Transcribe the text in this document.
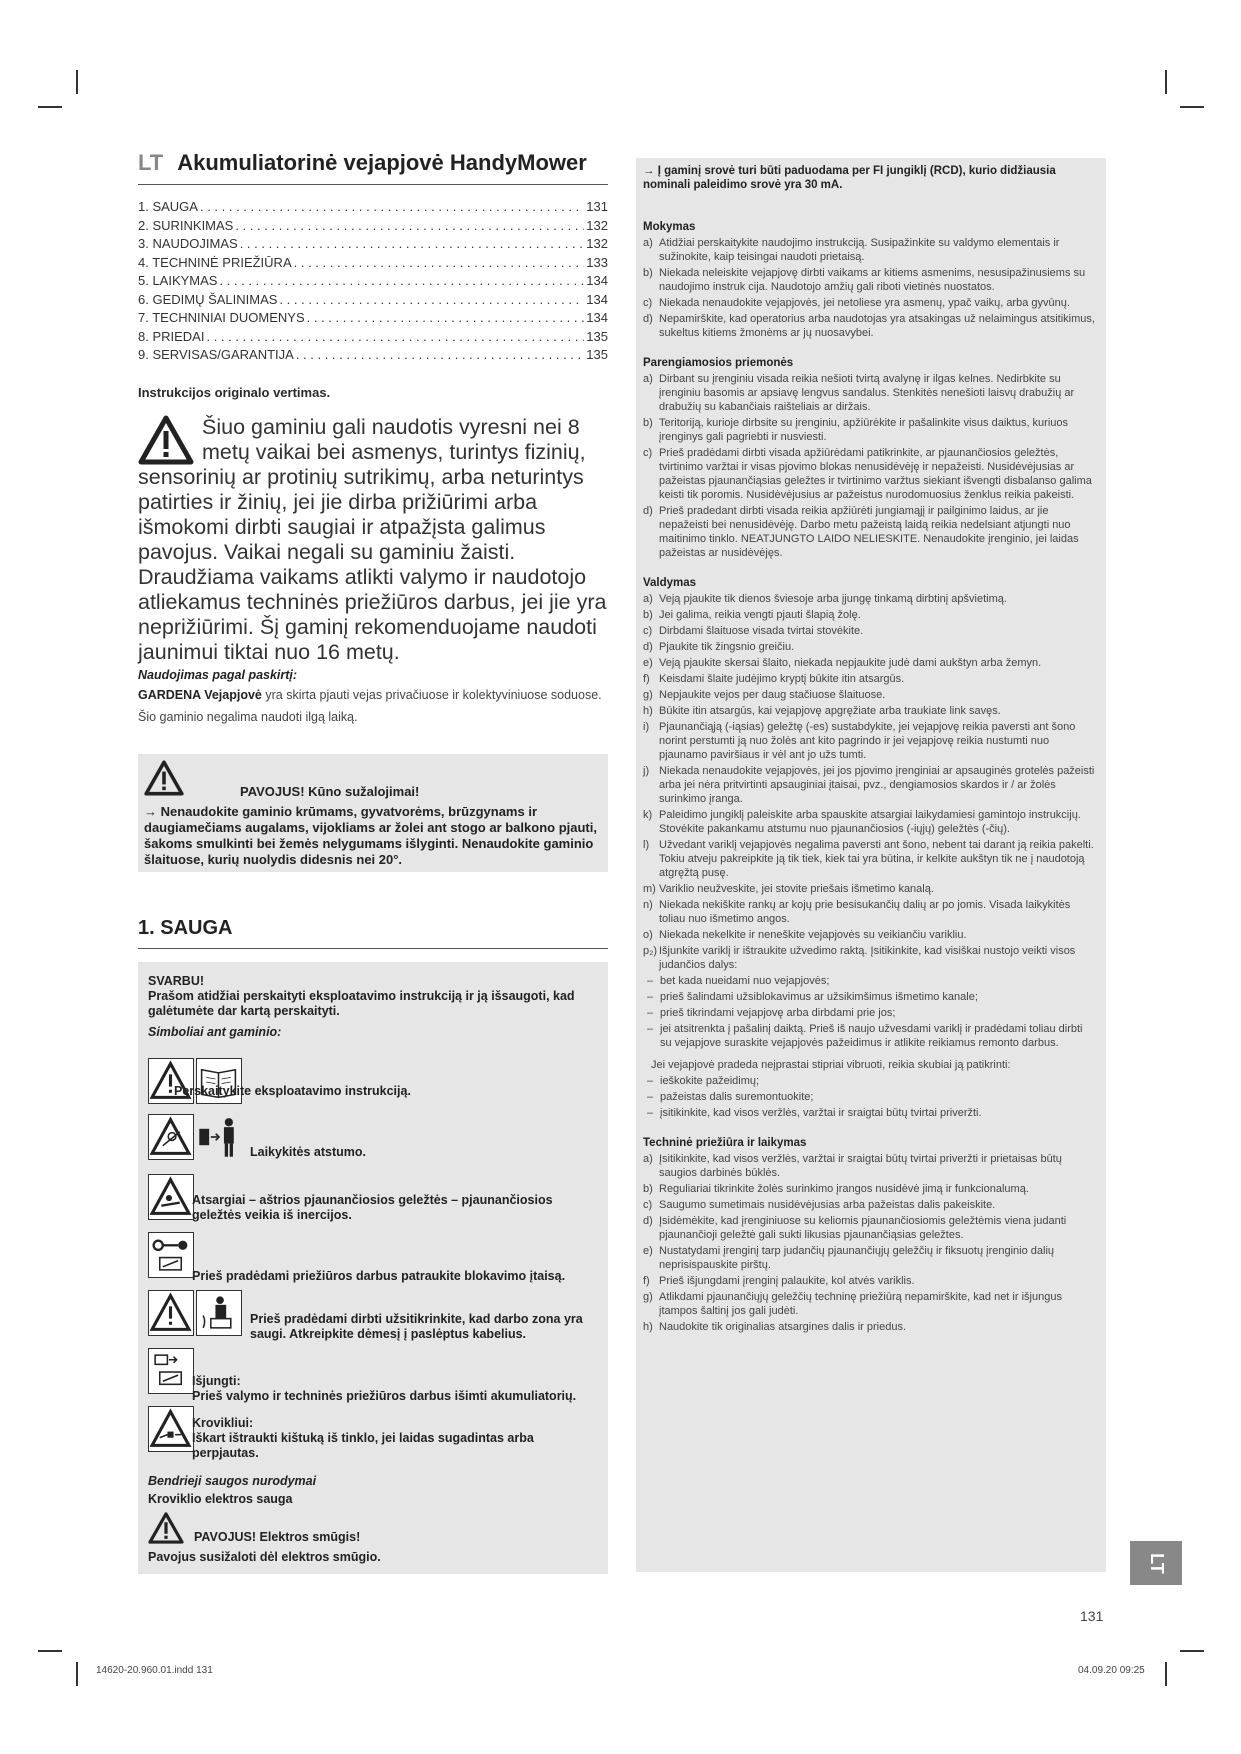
LT Akumuliatorinė vejapjovė HandyMower
1. SAUGA . . .	131
2. SURINKIMAS . . .	132
3. NAUDOJIMAS . . .	132
4. TECHNINĖ PRIEŽIŪRA . . .	133
5. LAIKYMAS . . .	134
6. GEDIMŲ ŠALINIMAS . . .	134
7. TECHNINIAI DUOMENYS . . .	134
8. PRIEDAI . . .	135
9. SERVISAS/GARANTIJA . . .	135
Instrukcijos originalo vertimas.
Šiuo gaminiu gali naudotis vyresni nei 8 metų vaikai bei asmenys, turintys fizinių, sensorinių ar protinių sutrikimų, arba neturintys patirties ir žinių, jei jie dirba prižiūrimi arba išmokomi dirbti saugiai ir atpažįsta galimus pavojus. Vaikai negali su gaminiu žaisti. Draudžiama vaikams atlikti valymo ir naudotojo atliekamus techninės priežiūros darbus, jei jie yra neprižiūrimi. Šį gaminį rekomenduojame naudoti jaunimui tiktai nuo 16 metų.
Naudojimas pagal paskirtį:

GARDENA Vejapjovė yra skirta pjauti vejas privačiuose ir kolektyviniuose soduose.

Šio gaminio negalima naudoti ilgą laiką.

PAVOJUS! Kūno sužalojimai!
→ Nenaudokite gaminio krūmams, gyvatvorėms, brūzgynams ir daugiamečiams augalams, vijokliams ar žolei ant stogo ar balkono pjauti, šakoms smulkinti bei žemės nelygumams išlyginti. Nenaudokite gaminio šlaituose, kurių nuolydis didesnis nei 20°.
1. SAUGA
SVARBU!
Prašom atidžiai perskaityti eksploatavimo instrukciją ir ją išsaugoti, kad galėtumėte dar kartą perskaityti.
Simboliai ant gaminio:
Perskaitykite eksploatavimo instrukciją.
Laikykitės atstumo.
Atsargiai – aštrios pjaunančiosios geležtės – pjaunančiosios geležtės veikia iš inercijos.
Prieš pradėdami priežiūros darbus patraukite blokavimo įtaisą.
Prieš pradėdami dirbti užsitikrinkite, kad darbo zona yra saugi. Atkreipkite dėmesį į paslėptus kabelius.
Išjungti:
Prieš valymo ir techninės priežiūros darbus išimti akumuliatorių.
Krovikliui:
Iškart ištraukti kištuką iš tinklo, jei laidas sugadintas arba perpjautas.
Bendrieji saugos nurodymai
Kroviklio elektros sauga
PAVOJUS! Elektros smūgis!
Pavojus susižaloti dėl elektros smūgio.
→ Į gaminį srovė turi būti paduodama per FI jungiklį (RCD), kurio didžiausia nominali paleidimo srovė yra 30 mA.
Mokymas
a) Atidžiai perskaitykite naudojimo instrukciją. Susipažinkite su valdymo elementais ir sužinokite, kaip teisingai naudoti prietaisą.
b) Niekada neleiskite vejapjovę dirbti vaikams ar kitiems asmenims, nesusipažinusiems su naudojimo instruk cija. Naudotojo amžių gali riboti vietinės nuostatos.
c) Niekada nenaudokite vejapjovės, jei netoliese yra asmenų, ypač vaikų, arba gyvūnų.
d) Nepamirškite, kad operatorius arba naudotojas yra atsakingas už nelaimingus atsitikimus, sukeltus kitiems žmonėms ar jų nuosavybei.
Parengiamosios priemonės
a) Dirbant su įrenginiu visada reikia nešioti tvirtą avalynę ir ilgas kelnes. Nedirbkite su įrenginiu basomis ar apsiavę lengvus sandalus. Stenkitės nenešioti laisvų drabužių ar drabužių su kabančiais raišteliais ar diržais.
b) Teritoriją, kurioje dirbsite su įrenginiu, apžiūrėkite ir pašalinkite visus daiktus, kuriuos įrenginys gali pagriebti ir nusviesti.
c) Prieš pradėdami dirbti visada apžiūrėdami patikrinkite, ar pjaunančiosios geležtės, tvirtinimo varžtai ir visas pjovimo blokas nenusidėvėję ir nepažeisti. Nusidėvėjusias ar pažeistas pjaunančiąsias geležtes ir tvirtinimo varžtus siekiant išvengti disbalanso galima keisti tik poromis. Nusidėvėjusius ar pažeistus nurodomuosius ženklus reikia pakeisti.
d) Prieš pradedant dirbti visada reikia apžiūrėti jungiamąjį ir pailginimo laidus, ar jie nepažeisti bei nenusidėvėję. Darbo metu pažeistą laidą reikia nedelsiant atjungti nuo maitinimo tinklo. NEATJUNGTO LAIDO NELIESKITE. Nenaudokite įrenginio, jei laidas pažeistas ar nusidėvėjęs.
Valdymas
a) Veją pjaukite tik dienos šviesoje arba įjungę tinkamą dirbtinį apšvietimą.
b) Jei galima, reikia vengti pjauti šlapią žolę.
c) Dirbdami šlaituose visada tvirtai stovėkite.
d) Pjaukite tik žingsnio greičiu.
e) Veją pjaukite skersai šlaito, niekada nepjaukite judė dami aukštyn arba žemyn.
f) Keisdami šlaite judėjimo kryptį būkite itin atsargūs.
g) Nepjaukite vejos per daug stačiuose šlaituose.
h) Būkite itin atsargūs, kai vejapjovę apgręžiate arba traukiate link savęs.
i) Pjaunančiąją (-iąsias) geležtę (-es) sustabdykite, jei vejapjovę reikia paversti ant šono norint perstumti ją nuo žolės ant kito pagrindo ir jei vejapjovę reikia nustumti nuo pjaunamo paviršiaus ir vėl ant jo užs tumti.
j) Niekada nenaudokite vejapjovės, jei jos pjovimo įrenginiai ar apsauginės grotelės pažeisti arba jei nėra pritvirtinti apsauginiai įtaisai, pvz., dengiamosios skardos ir / ar žolės surinkimo įranga.
k) Paleidimo jungiklį paleiskite arba spauskite atsargiai laikydamiesi gamintojo instrukcijų. Stovėkite pakankamu atstumu nuo pjaunančiosios (-iųjų) geležtės (-čių).
l) Užvedant variklį vejapjovės negalima paversti ant šono, nebent tai darant ją reikia pakelti. Tokiu atveju pakreipkite ją tik tiek, kiek tai yra būtina, ir kelkite aukštyn tik ne į naudotoją atgręžtą pusę.
m) Variklio neužveskite, jei stovite priešais išmetimo kanalą.
n) Niekada nekiškite rankų ar kojų prie besisukančių dalių ar po jomis. Visada laikykitės toliau nuo išmetimo angos.
o) Niekada nekelkite ir neneškite vejapjovės su veikiančiu varikliu.
p₂) Išjunkite variklį ir ištraukite užvedimo raktą. Įsitikinkite, kad visiškai nustojo veikti visos judančios dalys:
– bet kada nueidami nuo vejapjovės;
– prieš šalindami užsiblokavimus ar užsikimšimus išmetimo kanale;
– prieš tikrindami vejapjovę arba dirbdami prie jos;
– jei atsitrenkta į pašalinį daiktą. Prieš iš naujo užvesdami variklį ir pradėdami toliau dirbti su vejapjove suraskite vejapjovės pažeidimus ir atlikite reikiamus remonto darbus.
Jei vejapjovė pradeda neįprastai stipriai vibruoti, reikia skubiai ją patikrinti:
– ieškokite pažeidimų;
– pažeistas dalis suremontuokite;
– įsitikinkite, kad visos veržlės, varžtai ir sraigtai būtų tvirtai priveržti.
Techninė priežiūra ir laikymas
a) Įsitikinkite, kad visos veržlės, varžtai ir sraigtai būtų tvirtai priveržti ir prietaisas būtų saugios darbinės būklės.
b) Reguliariai tikrinkite žolės surinkimo įrangos nusidėvė jimą ir funkcionalumą.
c) Saugumo sumetimais nusidėvėjusias arba pažeistas dalis pakeiskite.
d) Įsidėmėkite, kad įrenginiuose su keliomis pjaunančiosiomis geležtėmis viena judanti pjaunančioji geležtė gali sukti likusias pjaunančiąsias geležtes.
e) Nustatydami įrenginį tarp judančių pjaunančiųjų geležčių ir fiksuotų įrenginio dalių neprisispauskite pirštų.
f) Prieš išjungdami įrenginį palaukite, kol atvės variklis.
g) Atlikdami pjaunančiųjų geležčių techninę priežiūrą nepamirškite, kad net ir išjungus įtampos šaltinį jos gali judėti.
h) Naudokite tik originalias atsargines dalis ir priedus.
LT
131
14620-20.960.01.indd 131	04.09.20 09:25
